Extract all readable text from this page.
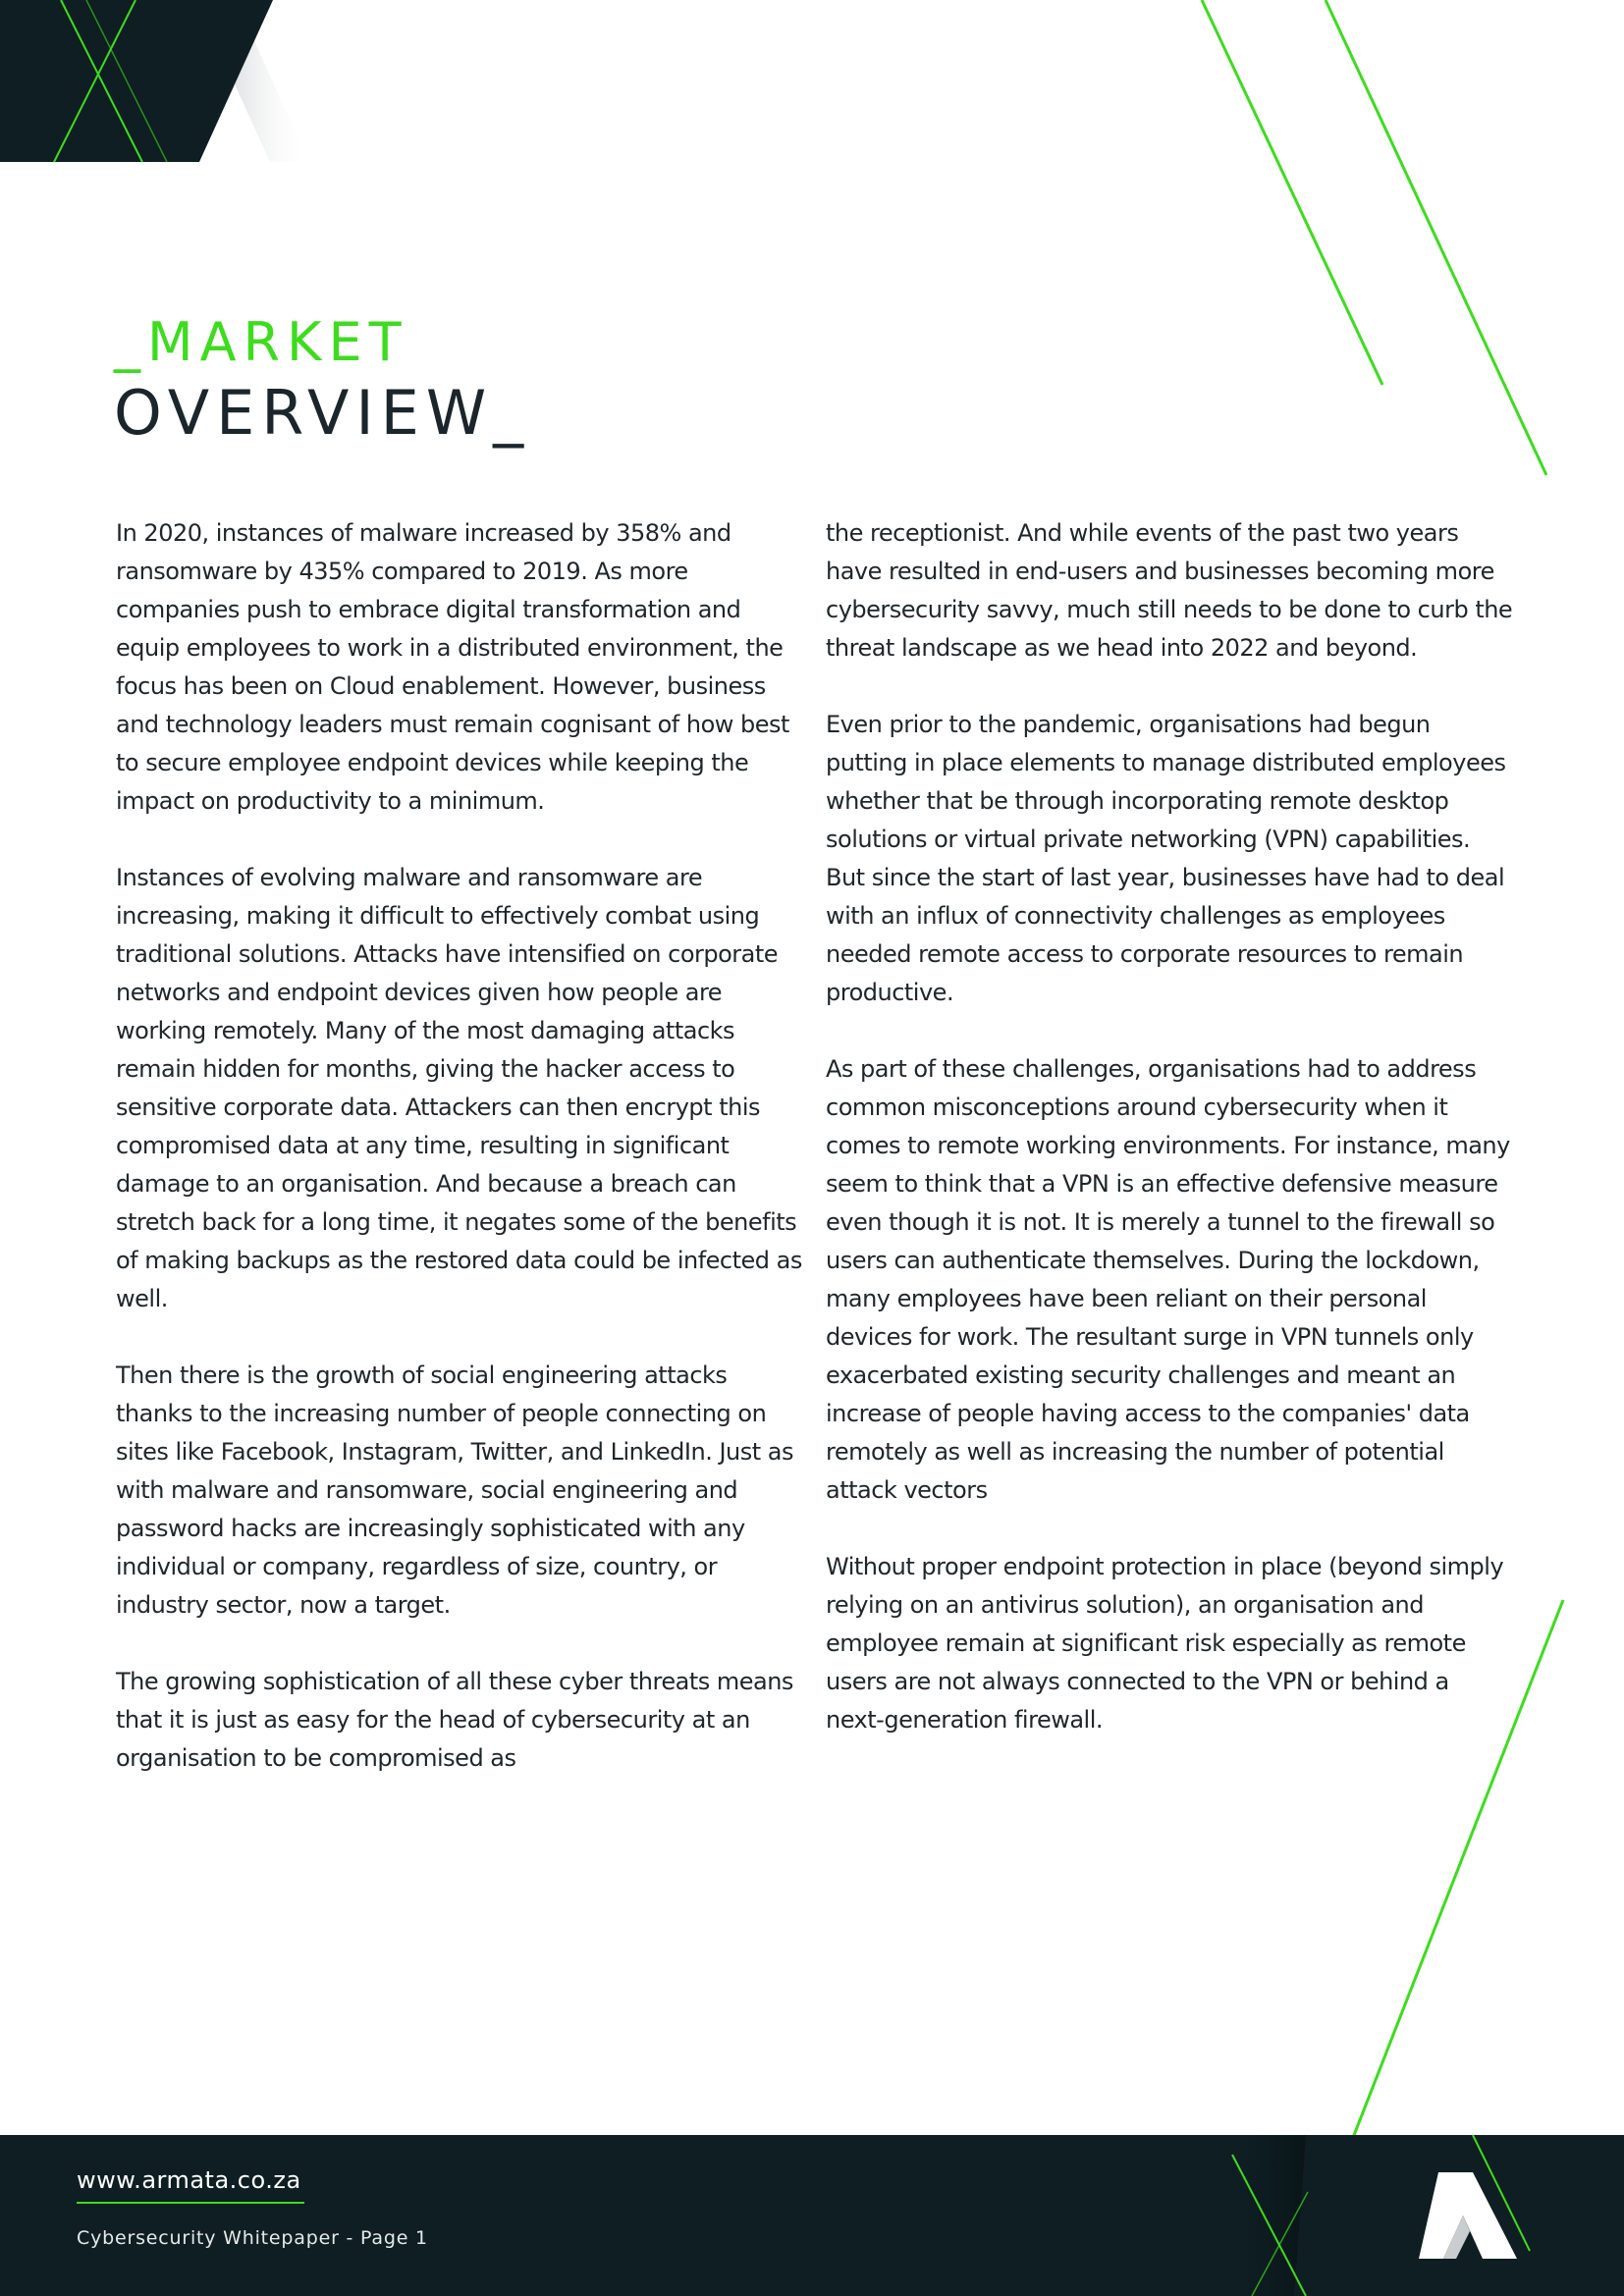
_MARKET
OVERVIEW_

In 2020, instances of malware increased by 358% and ransomware by 435% compared to 2019. As more companies push to embrace digital transformation and equip employees to work in a distributed environment, the focus has been on Cloud enablement. However, business and technology leaders must remain cognisant of how best to secure employee endpoint devices while keeping the impact on productivity to a minimum.

Instances of evolving malware and ransomware are increasing, making it difficult to effectively combat using traditional solutions. Attacks have intensified on corporate networks and endpoint devices given how people are working remotely. Many of the most damaging attacks remain hidden for months, giving the hacker access to sensitive corporate data. Attackers can then encrypt this compromised data at any time, resulting in significant damage to an organisation. And because a breach can stretch back for a long time, it negates some of the benefits of making backups as the restored data could be infected as well.

Then there is the growth of social engineering attacks thanks to the increasing number of people connecting on sites like Facebook, Instagram, Twitter, and LinkedIn. Just as with malware and ransomware, social engineering and password hacks are increasingly sophisticated with any individual or company, regardless of size, country, or industry sector, now a target.

The growing sophistication of all these cyber threats means that it is just as easy for the head of cybersecurity at an organisation to be compromised as

the receptionist. And while events of the past two years have resulted in end-users and businesses becoming more cybersecurity savvy, much still needs to be done to curb the threat landscape as we head into 2022 and beyond.

Even prior to the pandemic, organisations had begun putting in place elements to manage distributed employees whether that be through incorporating remote desktop solutions or virtual private networking (VPN) capabilities. But since the start of last year, businesses have had to deal with an influx of connectivity challenges as employees needed remote access to corporate resources to remain productive.

As part of these challenges, organisations had to address common misconceptions around cybersecurity when it comes to remote working environments. For instance, many seem to think that a VPN is an effective defensive measure even though it is not. It is merely a tunnel to the firewall so users can authenticate themselves. During the lockdown, many employees have been reliant on their personal devices for work. The resultant surge in VPN tunnels only exacerbated existing security challenges and meant an increase of people having access to the companies' data remotely as well as increasing the number of potential attack vectors

Without proper endpoint protection in place (beyond simply relying on an antivirus solution), an organisation and employee remain at significant risk especially as remote users are not always connected to the VPN or behind a next-generation firewall.

www.armata.co.za
Cybersecurity Whitepaper - Page 1
